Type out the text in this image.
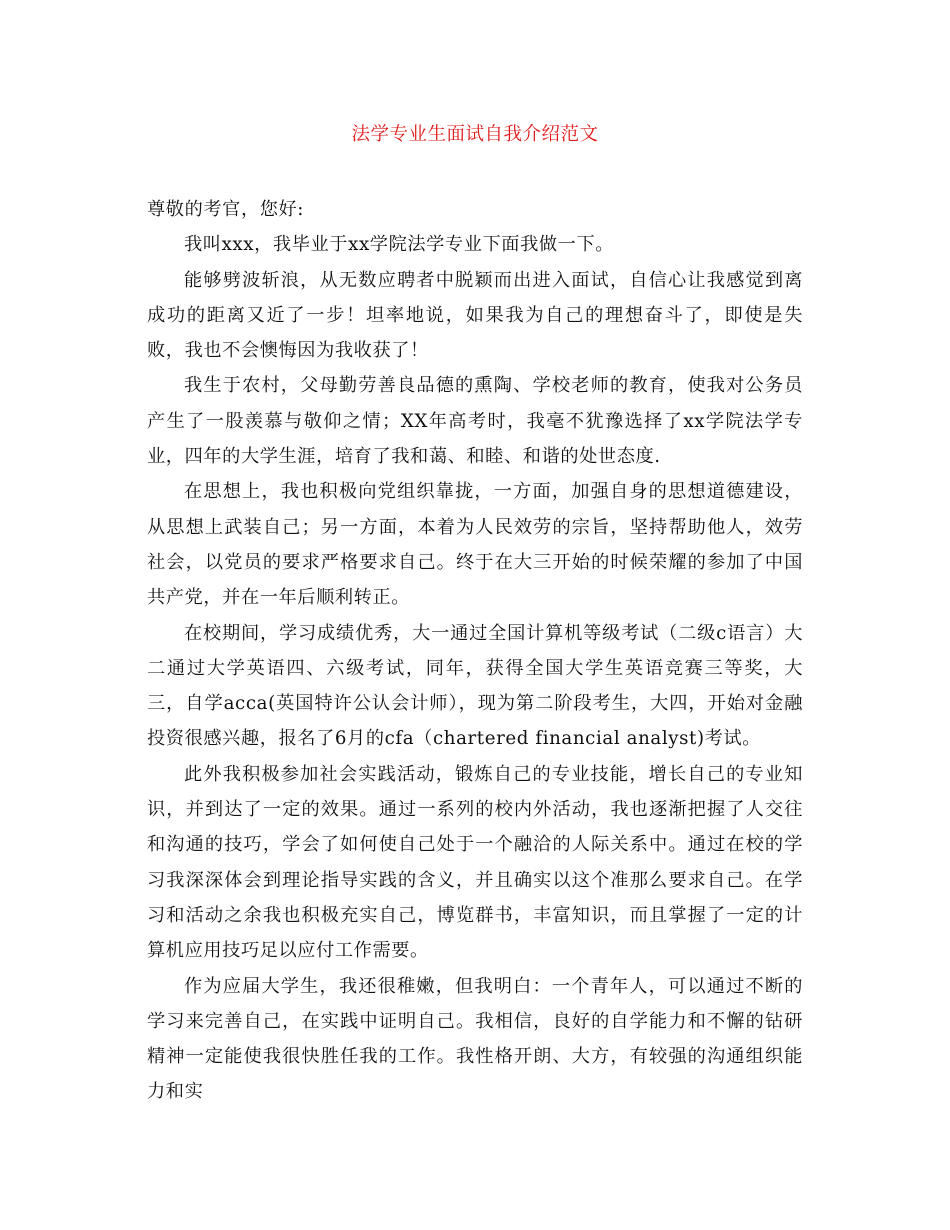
法学专业生面试自我介绍范文

尊敬的考官，您好:

我叫xxx，我毕业于xx学院法学专业下面我做一下。

能够劈波斩浪，从无数应聘者中脱颖而出进入面试，自信心让我感觉到离成功的距离又近了一步！坦率地说，如果我为自己的理想奋斗了，即使是失败，我也不会懊悔因为我收获了！

我生于农村，父母勤劳善良品德的熏陶、学校老师的教育，使我对公务员产生了一股羡慕与敬仰之情；XX年高考时，我毫不犹豫选择了xx学院法学专业，四年的大学生涯，培育了我和蔼、和睦、和谐的处世态度.

在思想上，我也积极向党组织靠拢，一方面，加强自身的思想道德建设，从思想上武装自己；另一方面，本着为人民效劳的宗旨，坚持帮助他人，效劳社会，以党员的要求严格要求自己。终于在大三开始的时候荣耀的参加了中国共产党，并在一年后顺利转正。

在校期间，学习成绩优秀，大一通过全国计算机等级考试（二级c语言）大二通过大学英语四、六级考试，同年，获得全国大学生英语竞赛三等奖，大三，自学acca(英国特许公认会计师），现为第二阶段考生，大四，开始对金融投资很感兴趣，报名了6月的cfa（chartered financial analyst)考试。

此外我积极参加社会实践活动，锻炼自己的专业技能，增长自己的专业知识，并到达了一定的效果。通过一系列的校内外活动，我也逐渐把握了人交往和沟通的技巧，学会了如何使自己处于一个融洽的人际关系中。通过在校的学习我深深体会到理论指导实践的含义，并且确实以这个准那么要求自己。在学习和活动之余我也积极充实自己，博览群书，丰富知识，而且掌握了一定的计算机应用技巧足以应付工作需要。

作为应届大学生，我还很稚嫩，但我明白：一个青年人，可以通过不断的学习来完善自己，在实践中证明自己。我相信，良好的自学能力和不懈的钻研精神一定能使我很快胜任我的工作。我性格开朗、大方，有较强的沟通组织能力和实
